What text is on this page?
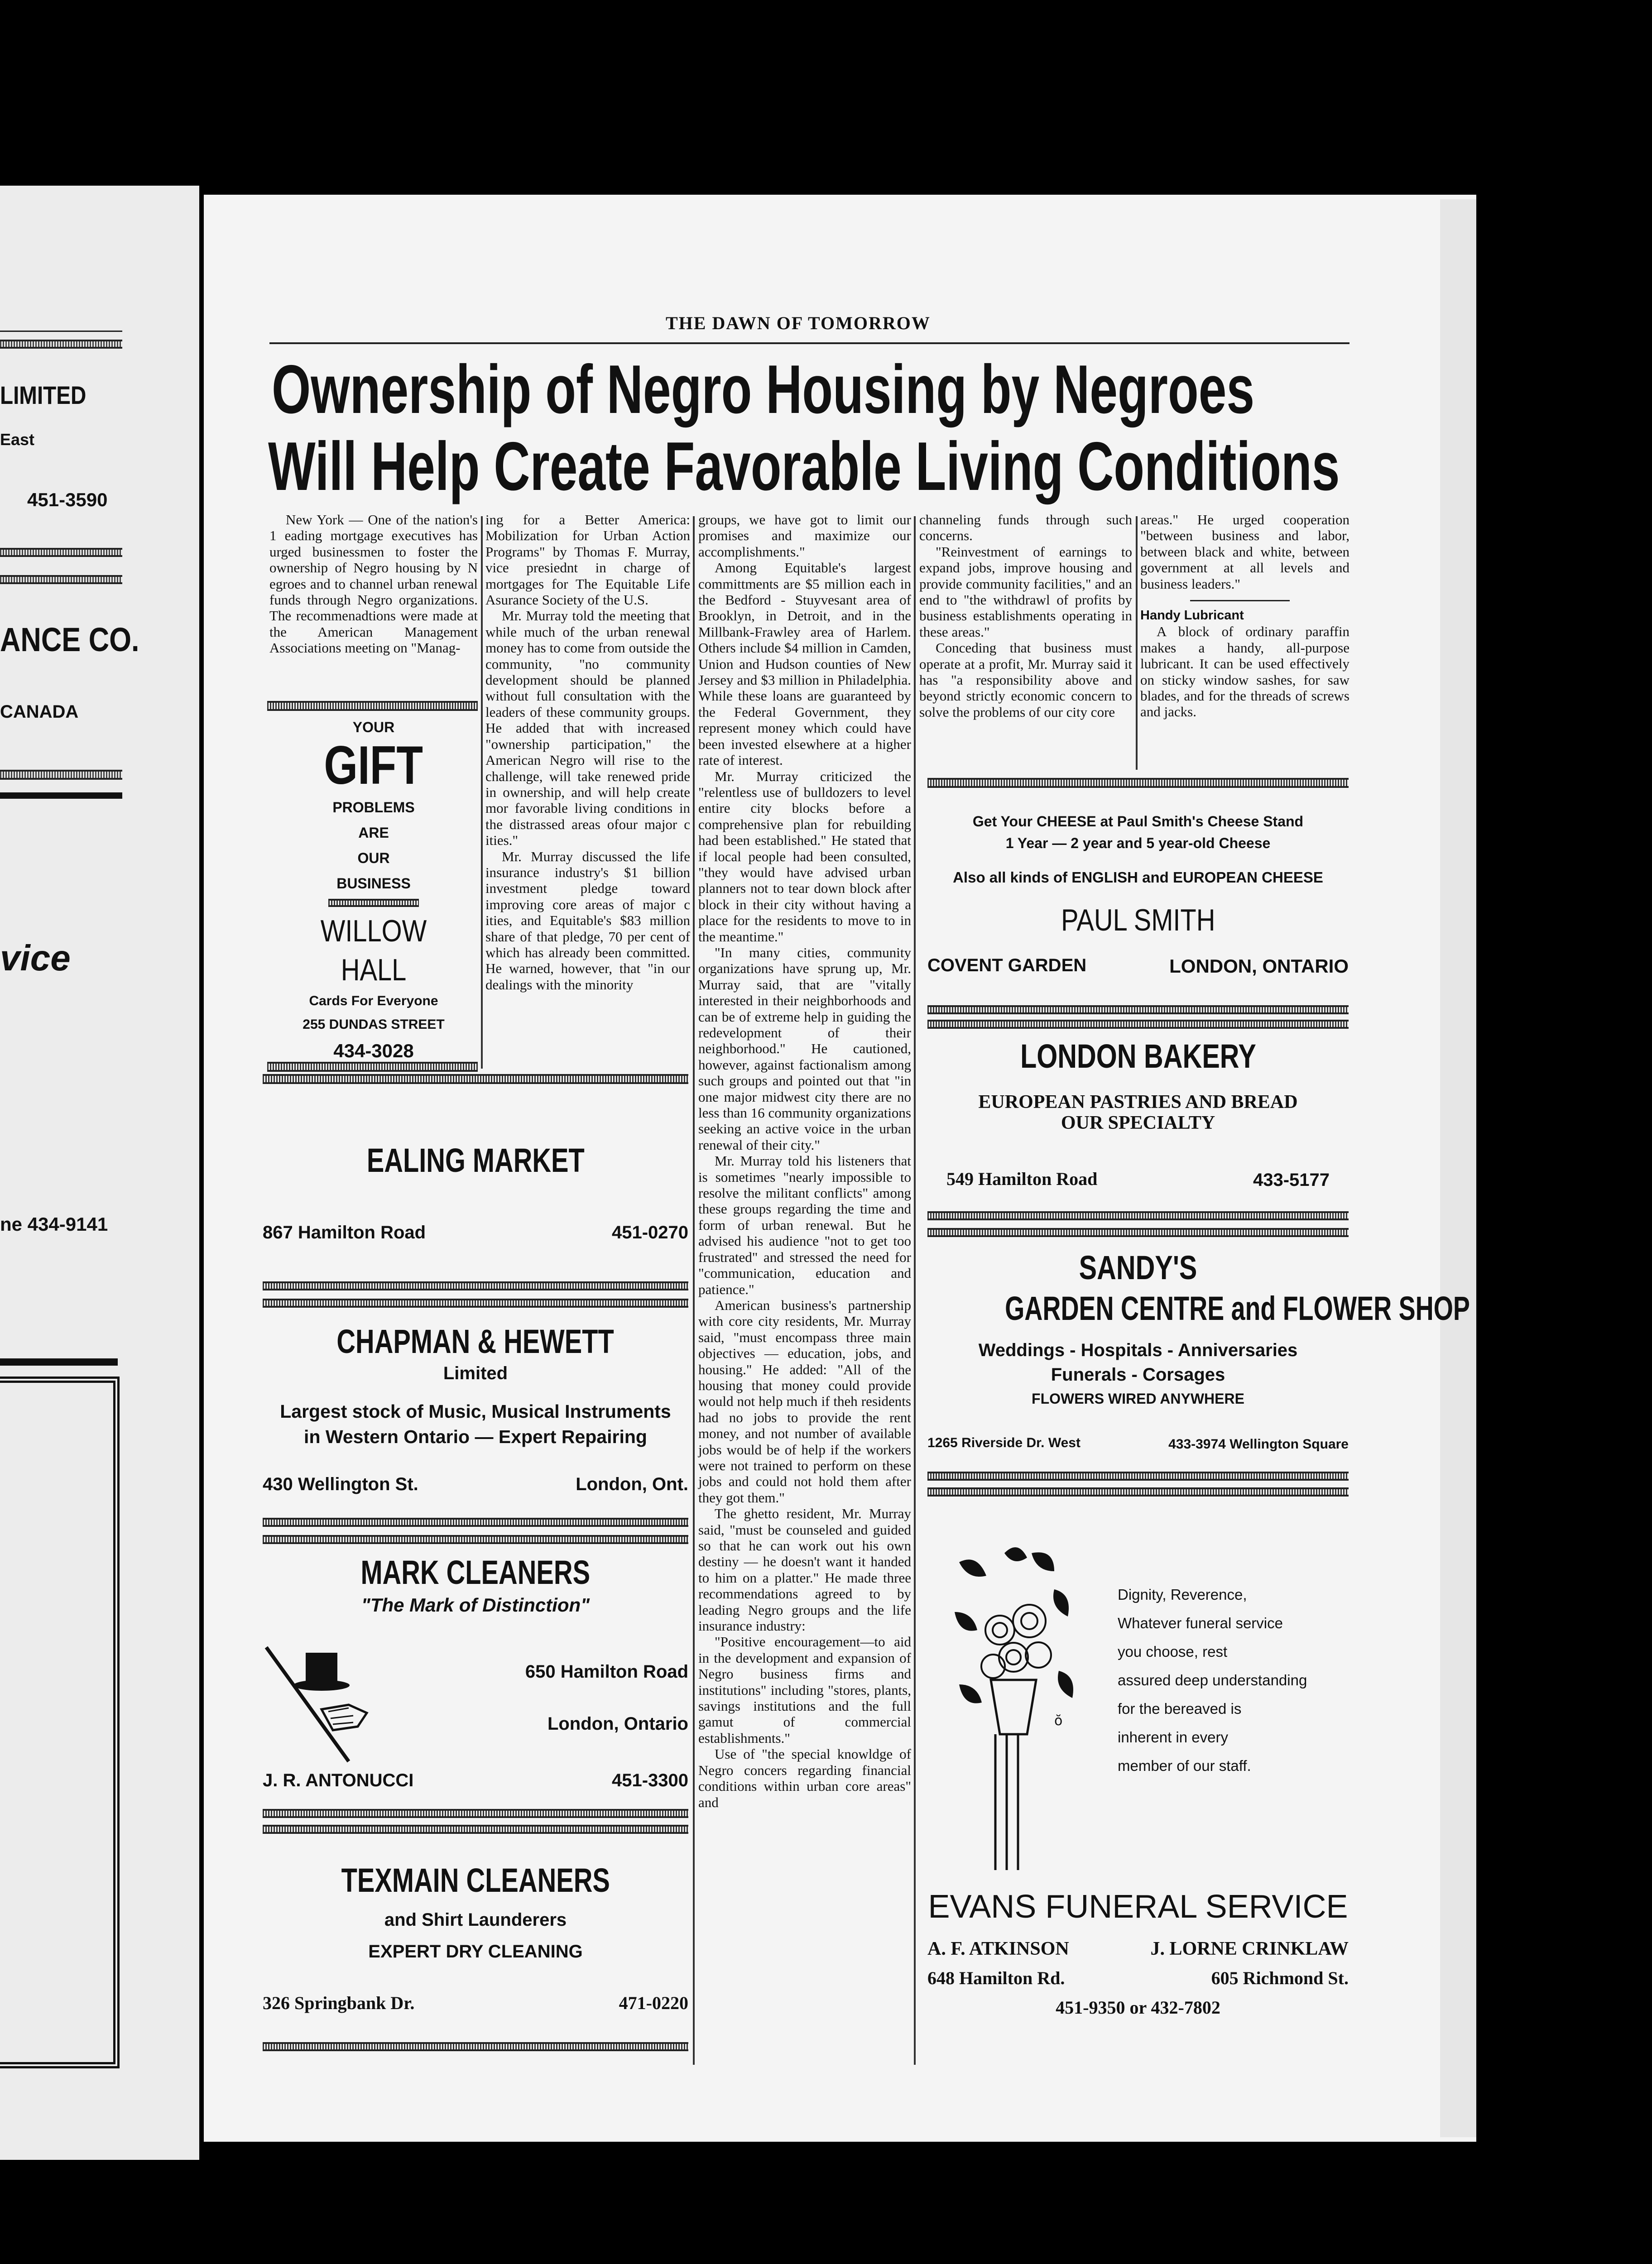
LIMITED
East
451-3590
ANCE CO.
CANADA
vice
ne 434-9141
THE DAWN OF TOMORROW
Ownership of Negro Housing by Negroes
Will Help Create Favorable Living Conditions

New York — One of the nation's 1 eading mortgage executives has urged businessmen to foster the ownership of Negro housing by N egroes and to channel urban renewal funds through Negro organizations. The recommenadtions were made at the American Management Associations meeting on "Manag-

ing for a Better America: Mobilization for Urban Action Programs" by Thomas F. Murray, vice presiednt in charge of mortgages for The Equitable Life Asurance Society of the U.S.

Mr. Murray told the meeting that while much of the urban renewal money has to come from outside the community, "no community development should be planned without full consultation with the leaders of these community groups. He added that with increased "ownership participation," the American Negro will rise to the challenge, will take renewed pride in ownership, and will help create mor favorable living conditions in the distrassed areas ofour major c ities."

Mr. Murray discussed the life insurance industry's $1 billion investment pledge toward improving core areas of major c ities, and Equitable's $83 million share of that pledge, 70 per cent of which has already been committed. He warned, however, that "in our dealings with the minority

groups, we have got to limit our promises and maximize our accomplishments."

Among Equitable's largest committments are $5 million each in the Bedford - Stuyvesant area of Brooklyn, in Detroit, and in the Millbank-Frawley area of Harlem. Others include $4 million in Camden, Union and Hudson counties of New Jersey and $3 million in Philadelphia. While these loans are guaranteed by the Federal Government, they represent money which could have been invested elsewhere at a higher rate of interest.

Mr. Murray criticized the "relentless use of bulldozers to level entire city blocks before a comprehensive plan for rebuilding had been established." He stated that if local people had been consulted, "they would have advised urban planners not to tear down block after block in their city without having a place for the residents to move to in the meantime."

"In many cities, community organizations have sprung up, Mr. Murray said, that are "vitally interested in their neighborhoods and can be of extreme help in guiding the redevelopment of their neighborhood." He cautioned, however, against factionalism among such groups and pointed out that "in one major midwest city there are no less than 16 community organizations seeking an active voice in the urban renewal of their city."

Mr. Murray told his listeners that is sometimes "nearly impossible to resolve the militant conflicts" among these groups regarding the time and form of urban renewal. But he advised his audience "not to get too frustrated" and stressed the need for "communication, education and patience."

American business's partnership with core city residents, Mr. Murray said, "must encompass three main objectives — education, jobs, and housing." He added: "All of the housing that money could provide would not help much if theh residents had no jobs to provide the rent money, and not number of available jobs would be of help if the workers were not trained to perform on these jobs and could not hold them after they got them."

The ghetto resident, Mr. Murray said, "must be counseled and guided so that he can work out his own destiny — he doesn't want it handed to him on a platter." He made three recommendations agreed to by leading Negro groups and the life insurance industry:

"Positive encouragement—to aid in the development and expansion of Negro business firms and institutions" including "stores, plants, savings institutions and the full gamut of commercial establishments."

Use of "the special knowldge of Negro concers regarding financial conditions within urban core areas" and

channeling funds through such concerns.

"Reinvestment of earnings to expand jobs, improve housing and provide community facilities," and an end to "the withdrawl of profits by business establishments operating in these areas."

Conceding that business must operate at a profit, Mr. Murray said it has "a responsibility above and beyond strictly economic concern to solve the problems of our city core

areas." He urged cooperation "between business and labor, between black and white, between government at all levels and business leaders."

Handy Lubricant

A block of ordinary paraffin makes a handy, all-purpose lubricant. It can be used effectively on sticky window sashes, for saw blades, and for the threads of screws and jacks.

YOUR
GIFT
PROBLEMS
ARE
OUR
BUSINESS
WILLOW HALL
Cards For Everyone
255 DUNDAS STREET
434-3028
EALING MARKET
867 Hamilton Road	451-0270
CHAPMAN & HEWETT
Limited
Largest stock of Music, Musical Instruments
in Western Ontario — Expert Repairing
430 Wellington St.	London, Ont.
MARK CLEANERS
"The Mark of Distinction"
650 Hamilton Road
London, Ontario
J. R. ANTONUCCI	451-3300
TEXMAIN CLEANERS
and Shirt Launderers
EXPERT DRY CLEANING
326 Springbank Dr.	471-0220
Get Your CHEESE at Paul Smith's Cheese Stand
1 Year — 2 year and 5 year-old Cheese
Also all kinds of ENGLISH and EUROPEAN CHEESE
PAUL SMITH
COVENT GARDEN	LONDON, ONTARIO
LONDON BAKERY
EUROPEAN PASTRIES AND BREAD
OUR SPECIALTY
549 Hamilton Road	433-5177
SANDY'S
GARDEN CENTRE and FLOWER SHOP
Weddings - Hospitals - Anniversaries
Funerals - Corsages
FLOWERS WIRED ANYWHERE
1265 Riverside Dr. West	433-3974 Wellington Square
ŏ
Dignity, Reverence,
Whatever funeral service
you choose, rest
assured deep understanding
for the bereaved is
inherent in every
member of our staff.
EVANS FUNERAL SERVICE
A. F. ATKINSON	J. LORNE CRINKLAW
648 Hamilton Rd.	605 Richmond St.
451-9350 or 432-7802
